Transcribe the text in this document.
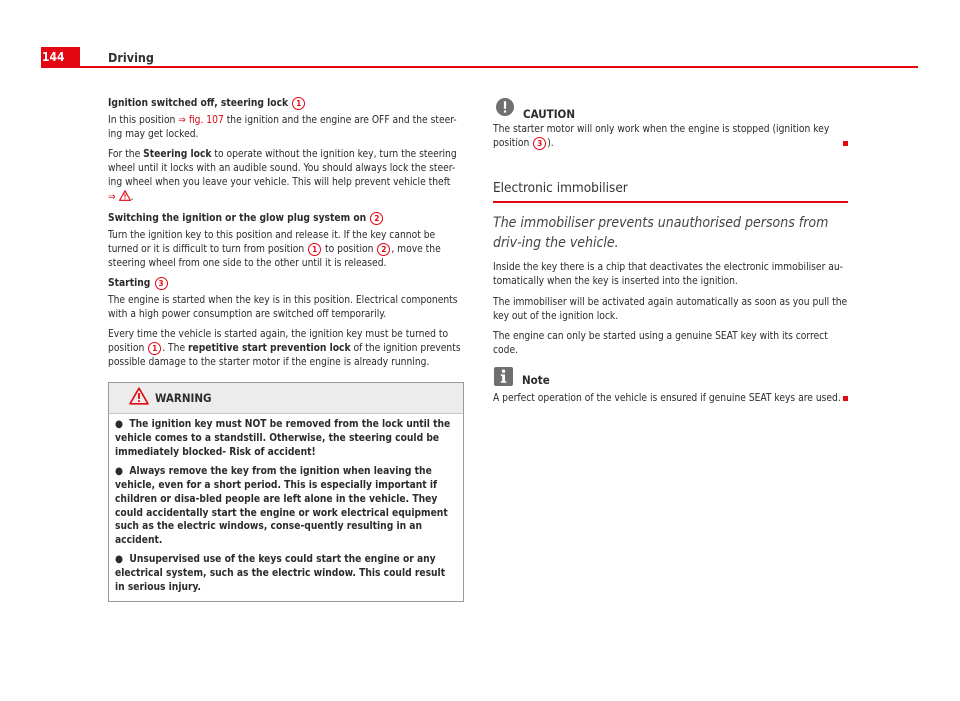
144	Driving

Ignition switched off, steering lock 1

In this position ⇒ fig. 107 the ignition and the engine are OFF and the steer-ing may get locked.

For the Steering lock to operate without the ignition key, turn the steering wheel until it locks with an audible sound. You should always lock the steer-ing wheel when you leave your vehicle. This will help prevent vehicle theft
⇒ .

Switching the ignition or the glow plug system on 2

Turn the ignition key to this position and release it. If the key cannot be turned or it is difficult to turn from position 1 to position 2 , move the steering wheel from one side to the other until it is released.

Starting 3

The engine is started when the key is in this position. Electrical components with a high power consumption are switched off temporarily.

Every time the vehicle is started again, the ignition key must be turned to position 1 . The repetitive start prevention lock of the ignition prevents possible damage to the starter motor if the engine is already running.

WARNING

● The ignition key must NOT be removed from the lock until the vehicle comes to a standstill. Otherwise, the steering could be immediately blocked- Risk of accident!

● Always remove the key from the ignition when leaving the vehicle, even for a short period. This is especially important if children or disa-bled people are left alone in the vehicle. They could accidentally start the engine or work electrical equipment such as the electric windows, conse-quently resulting in an accident.

● Unsupervised use of the keys could start the engine or any electrical system, such as the electric window. This could result in serious injury.

CAUTION

The starter motor will only work when the engine is stopped (ignition key position 3 ).

Electronic immobiliser
The immobiliser prevents unauthorised persons from driv-ing the vehicle.

Inside the key there is a chip that deactivates the electronic immobiliser au-tomatically when the key is inserted into the ignition.

The immobiliser will be activated again automatically as soon as you pull the key out of the ignition lock.

The engine can only be started using a genuine SEAT key with its correct code.

Note

A perfect operation of the vehicle is ensured if genuine SEAT keys are used.
